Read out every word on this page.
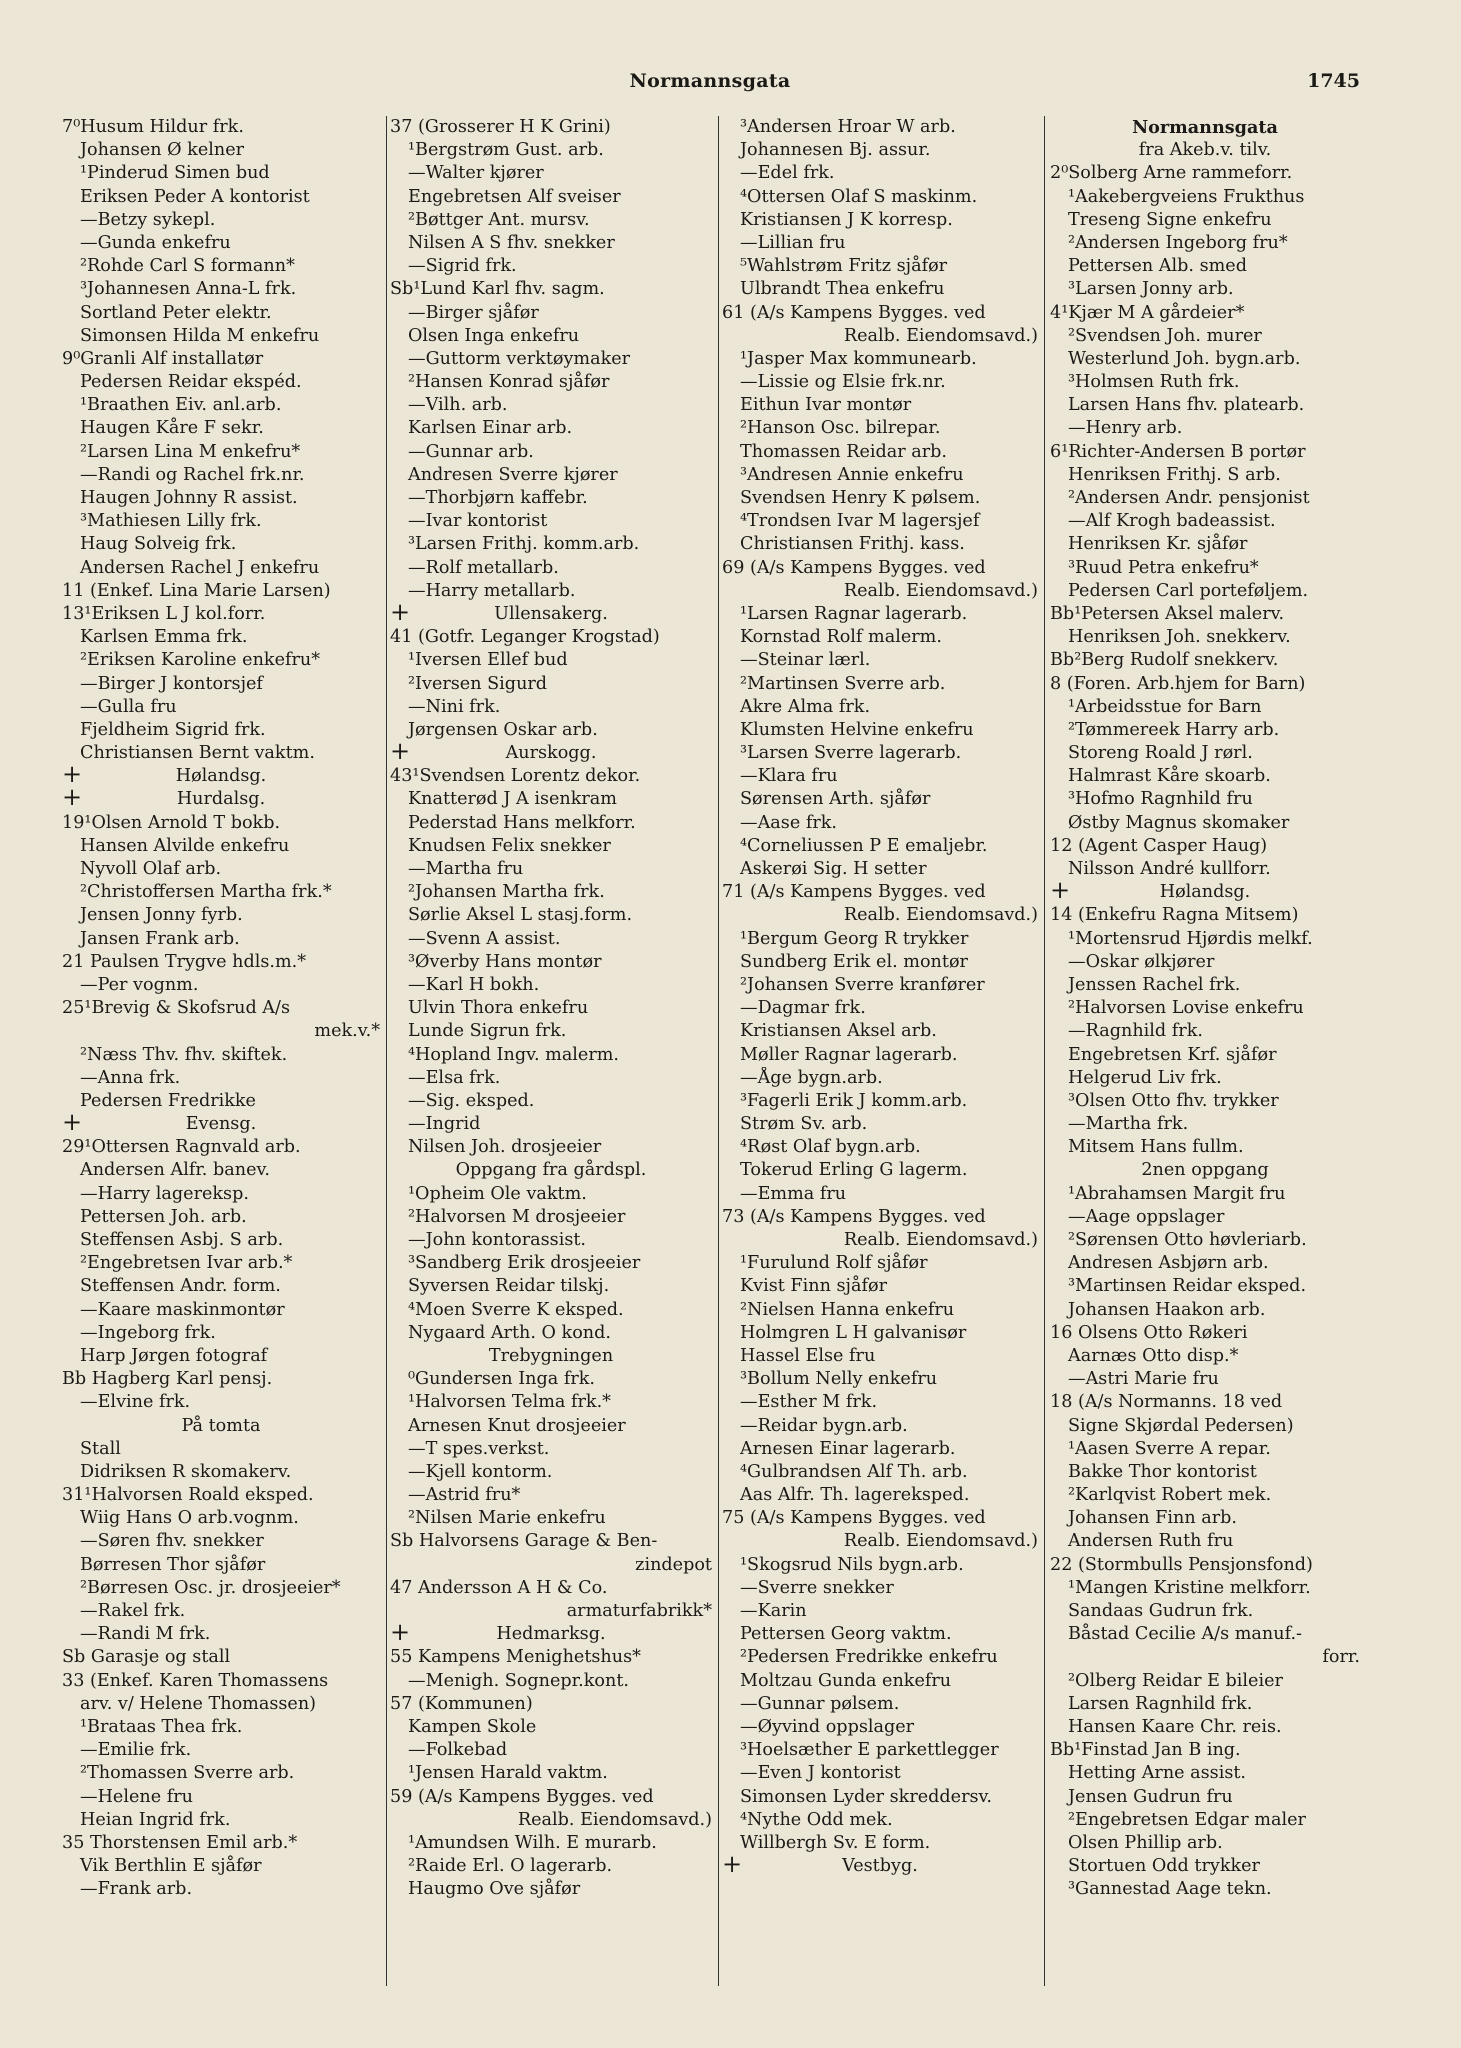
Normannsgata	1745
7⁰Husum Hildur frk.
Johansen Ø kelner
¹Pinderud Simen bud
Eriksen Peder A kontorist
—Betzy sykepl.
—Gunda enkefru
²Rohde Carl S formann*
³Johannesen Anna-L frk.
Sortland Peter elektr.
Simonsen Hilda M enkefru
9⁰Granli Alf installatør
Pedersen Reidar ekspéd.
¹Braathen Eiv. anl.arb.
Haugen Kåre F sekr.
²Larsen Lina M enkefru*
—Randi og Rachel frk.nr.
Haugen Johnny R assist.
³Mathiesen Lilly frk.
Haug Solveig frk.
Andersen Rachel J enkefru
11 (Enkef. Lina Marie Larsen)
13¹Eriksen L J kol.forr.
Karlsen Emma frk.
²Eriksen Karoline enkefru*
—Birger J kontorsjef
—Gulla fru
Fjeldheim Sigrid frk.
Christiansen Bernt vaktm.
+	Hølandsg.
+	Hurdalsg.
19¹Olsen Arnold T bokb.
Hansen Alvilde enkefru
Nyvoll Olaf arb.
²Christoffersen Martha frk.*
Jensen Jonny fyrb.
Jansen Frank arb.
21 Paulsen Trygve hdls.m.*
—Per vognm.
25¹Brevig & Skofsrud A/s
mek.v.*
²Næss Thv. fhv. skiftek.
—Anna frk.
Pedersen Fredrikke
+	Evensg.
29¹Ottersen Ragnvald arb.
Andersen Alfr. banev.
—Harry lagereksp.
Pettersen Joh. arb.
Steffensen Asbj. S arb.
²Engebretsen Ivar arb.*
Steffensen Andr. form.
—Kaare maskinmontør
—Ingeborg frk.
Harp Jørgen fotograf
Bb Hagberg Karl pensj.
—Elvine frk.
På tomta
Stall
Didriksen R skomakerv.
31¹Halvorsen Roald eksped.
Wiig Hans O arb.vognm.
—Søren fhv. snekker
Børresen Thor sjåfør
²Børresen Osc. jr. drosjeeier*
—Rakel frk.
—Randi M frk.
Sb Garasje og stall
33 (Enkef. Karen Thomassens
arv. v/ Helene Thomassen)
¹Brataas Thea frk.
—Emilie frk.
²Thomassen Sverre arb.
—Helene fru
Heian Ingrid frk.
35 Thorstensen Emil arb.*
Vik Berthlin E sjåfør
—Frank arb.
37 (Grosserer H K Grini)
¹Bergstrøm Gust. arb.
—Walter kjører
Engebretsen Alf sveiser
²Bøttger Ant. mursv.
Nilsen A S fhv. snekker
—Sigrid frk.
Sb¹Lund Karl fhv. sagm.
—Birger sjåfør
Olsen Inga enkefru
—Guttorm verktøymaker
²Hansen Konrad sjåfør
—Vilh. arb.
Karlsen Einar arb.
—Gunnar arb.
Andresen Sverre kjører
—Thorbjørn kaffebr.
—Ivar kontorist
³Larsen Frithj. komm.arb.
—Rolf metallarb.
—Harry metallarb.
+	Ullensakerg.
41 (Gotfr. Leganger Krogstad)
¹Iversen Ellef bud
²Iversen Sigurd
—Nini frk.
Jørgensen Oskar arb.
+	Aurskogg.
43¹Svendsen Lorentz dekor.
Knatterød J A isenkram
Pederstad Hans melkforr.
Knudsen Felix snekker
—Martha fru
²Johansen Martha frk.
Sørlie Aksel L stasj.form.
—Svenn A assist.
³Øverby Hans montør
—Karl H bokh.
Ulvin Thora enkefru
Lunde Sigrun frk.
⁴Hopland Ingv. malerm.
—Elsa frk.
—Sig. eksped.
—Ingrid
Nilsen Joh. drosjeeier
Oppgang fra gårdspl.
¹Opheim Ole vaktm.
²Halvorsen M drosjeeier
—John kontorassist.
³Sandberg Erik drosjeeier
Syversen Reidar tilskj.
⁴Moen Sverre K eksped.
Nygaard Arth. O kond.
Trebygningen
⁰Gundersen Inga frk.
¹Halvorsen Telma frk.*
Arnesen Knut drosjeeier
—T spes.verkst.
—Kjell kontorm.
—Astrid fru*
²Nilsen Marie enkefru
Sb Halvorsens Garage & Ben-
zindepot
47 Andersson A H & Co.
armaturfabrikk*
+	Hedmarksg.
55 Kampens Menighetshus*
—Menigh. Sognepr.kont.
57 (Kommunen)
Kampen Skole
—Folkebad
¹Jensen Harald vaktm.
59 (A/s Kampens Bygges. ved
Realb. Eiendomsavd.)
¹Amundsen Wilh. E murarb.
²Raide Erl. O lagerarb.
Haugmo Ove sjåfør
³Andersen Hroar W arb.
Johannesen Bj. assur.
—Edel frk.
⁴Ottersen Olaf S maskinm.
Kristiansen J K korresp.
—Lillian fru
⁵Wahlstrøm Fritz sjåfør
Ulbrandt Thea enkefru
61 (A/s Kampens Bygges. ved
Realb. Eiendomsavd.)
¹Jasper Max kommunearb.
—Lissie og Elsie frk.nr.
Eithun Ivar montør
²Hanson Osc. bilrepar.
Thomassen Reidar arb.
³Andresen Annie enkefru
Svendsen Henry K pølsem.
⁴Trondsen Ivar M lagersjef
Christiansen Frithj. kass.
69 (A/s Kampens Bygges. ved
Realb. Eiendomsavd.)
¹Larsen Ragnar lagerarb.
Kornstad Rolf malerm.
—Steinar lærl.
²Martinsen Sverre arb.
Akre Alma frk.
Klumsten Helvine enkefru
³Larsen Sverre lagerarb.
—Klara fru
Sørensen Arth. sjåfør
—Aase frk.
⁴Corneliussen P E emaljebr.
Askerøi Sig. H setter
71 (A/s Kampens Bygges. ved
Realb. Eiendomsavd.)
¹Bergum Georg R trykker
Sundberg Erik el. montør
²Johansen Sverre kranfører
—Dagmar frk.
Kristiansen Aksel arb.
Møller Ragnar lagerarb.
—Åge bygn.arb.
³Fagerli Erik J komm.arb.
Strøm Sv. arb.
⁴Røst Olaf bygn.arb.
Tokerud Erling G lagerm.
—Emma fru
73 (A/s Kampens Bygges. ved
Realb. Eiendomsavd.)
¹Furulund Rolf sjåfør
Kvist Finn sjåfør
²Nielsen Hanna enkefru
Holmgren L H galvanisør
Hassel Else fru
³Bollum Nelly enkefru
—Esther M frk.
—Reidar bygn.arb.
Arnesen Einar lagerarb.
⁴Gulbrandsen Alf Th. arb.
Aas Alfr. Th. lagereksped.
75 (A/s Kampens Bygges. ved
Realb. Eiendomsavd.)
¹Skogsrud Nils bygn.arb.
—Sverre snekker
—Karin
Pettersen Georg vaktm.
²Pedersen Fredrikke enkefru
Moltzau Gunda enkefru
—Gunnar pølsem.
—Øyvind oppslager
³Hoelsæther E parkettlegger
—Even J kontorist
Simonsen Lyder skreddersv.
⁴Nythe Odd mek.
Willbergh Sv. E form.
+	Vestbyg.
Normannsgata
fra Akeb.v. tilv.
2⁰Solberg Arne rammeforr.
¹Aakebergveiens Frukthus
Treseng Signe enkefru
²Andersen Ingeborg fru*
Pettersen Alb. smed
³Larsen Jonny arb.
4¹Kjær M A gårdeier*
²Svendsen Joh. murer
Westerlund Joh. bygn.arb.
³Holmsen Ruth frk.
Larsen Hans fhv. platearb.
—Henry arb.
6¹Richter-Andersen B portør
Henriksen Frithj. S arb.
²Andersen Andr. pensjonist
—Alf Krogh badeassist.
Henriksen Kr. sjåfør
³Ruud Petra enkefru*
Pedersen Carl porteføljem.
Bb¹Petersen Aksel malerv.
Henriksen Joh. snekkerv.
Bb²Berg Rudolf snekkerv.
8 (Foren. Arb.hjem for Barn)
¹Arbeidsstue for Barn
²Tømmereek Harry arb.
Storeng Roald J rørl.
Halmrast Kåre skoarb.
³Hofmo Ragnhild fru
Østby Magnus skomaker
12 (Agent Casper Haug)
Nilsson André kullforr.
+	Hølandsg.
14 (Enkefru Ragna Mitsem)
¹Mortensrud Hjørdis melkf.
—Oskar ølkjører
Jenssen Rachel frk.
²Halvorsen Lovise enkefru
—Ragnhild frk.
Engebretsen Krf. sjåfør
Helgerud Liv frk.
³Olsen Otto fhv. trykker
—Martha frk.
Mitsem Hans fullm.
2nen oppgang
¹Abrahamsen Margit fru
—Aage oppslager
²Sørensen Otto høvleriarb.
Andresen Asbjørn arb.
³Martinsen Reidar eksped.
Johansen Haakon arb.
16 Olsens Otto Røkeri
Aarnæs Otto disp.*
—Astri Marie fru
18 (A/s Normanns. 18 ved
Signe Skjørdal Pedersen)
¹Aasen Sverre A repar.
Bakke Thor kontorist
²Karlqvist Robert mek.
Johansen Finn arb.
Andersen Ruth fru
22 (Stormbulls Pensjonsfond)
¹Mangen Kristine melkforr.
Sandaas Gudrun frk.
Båstad Cecilie A/s manuf.-
forr.
²Olberg Reidar E bileier
Larsen Ragnhild frk.
Hansen Kaare Chr. reis.
Bb¹Finstad Jan B ing.
Hetting Arne assist.
Jensen Gudrun fru
²Engebretsen Edgar maler
Olsen Phillip arb.
Stortuen Odd trykker
³Gannestad Aage tekn.
